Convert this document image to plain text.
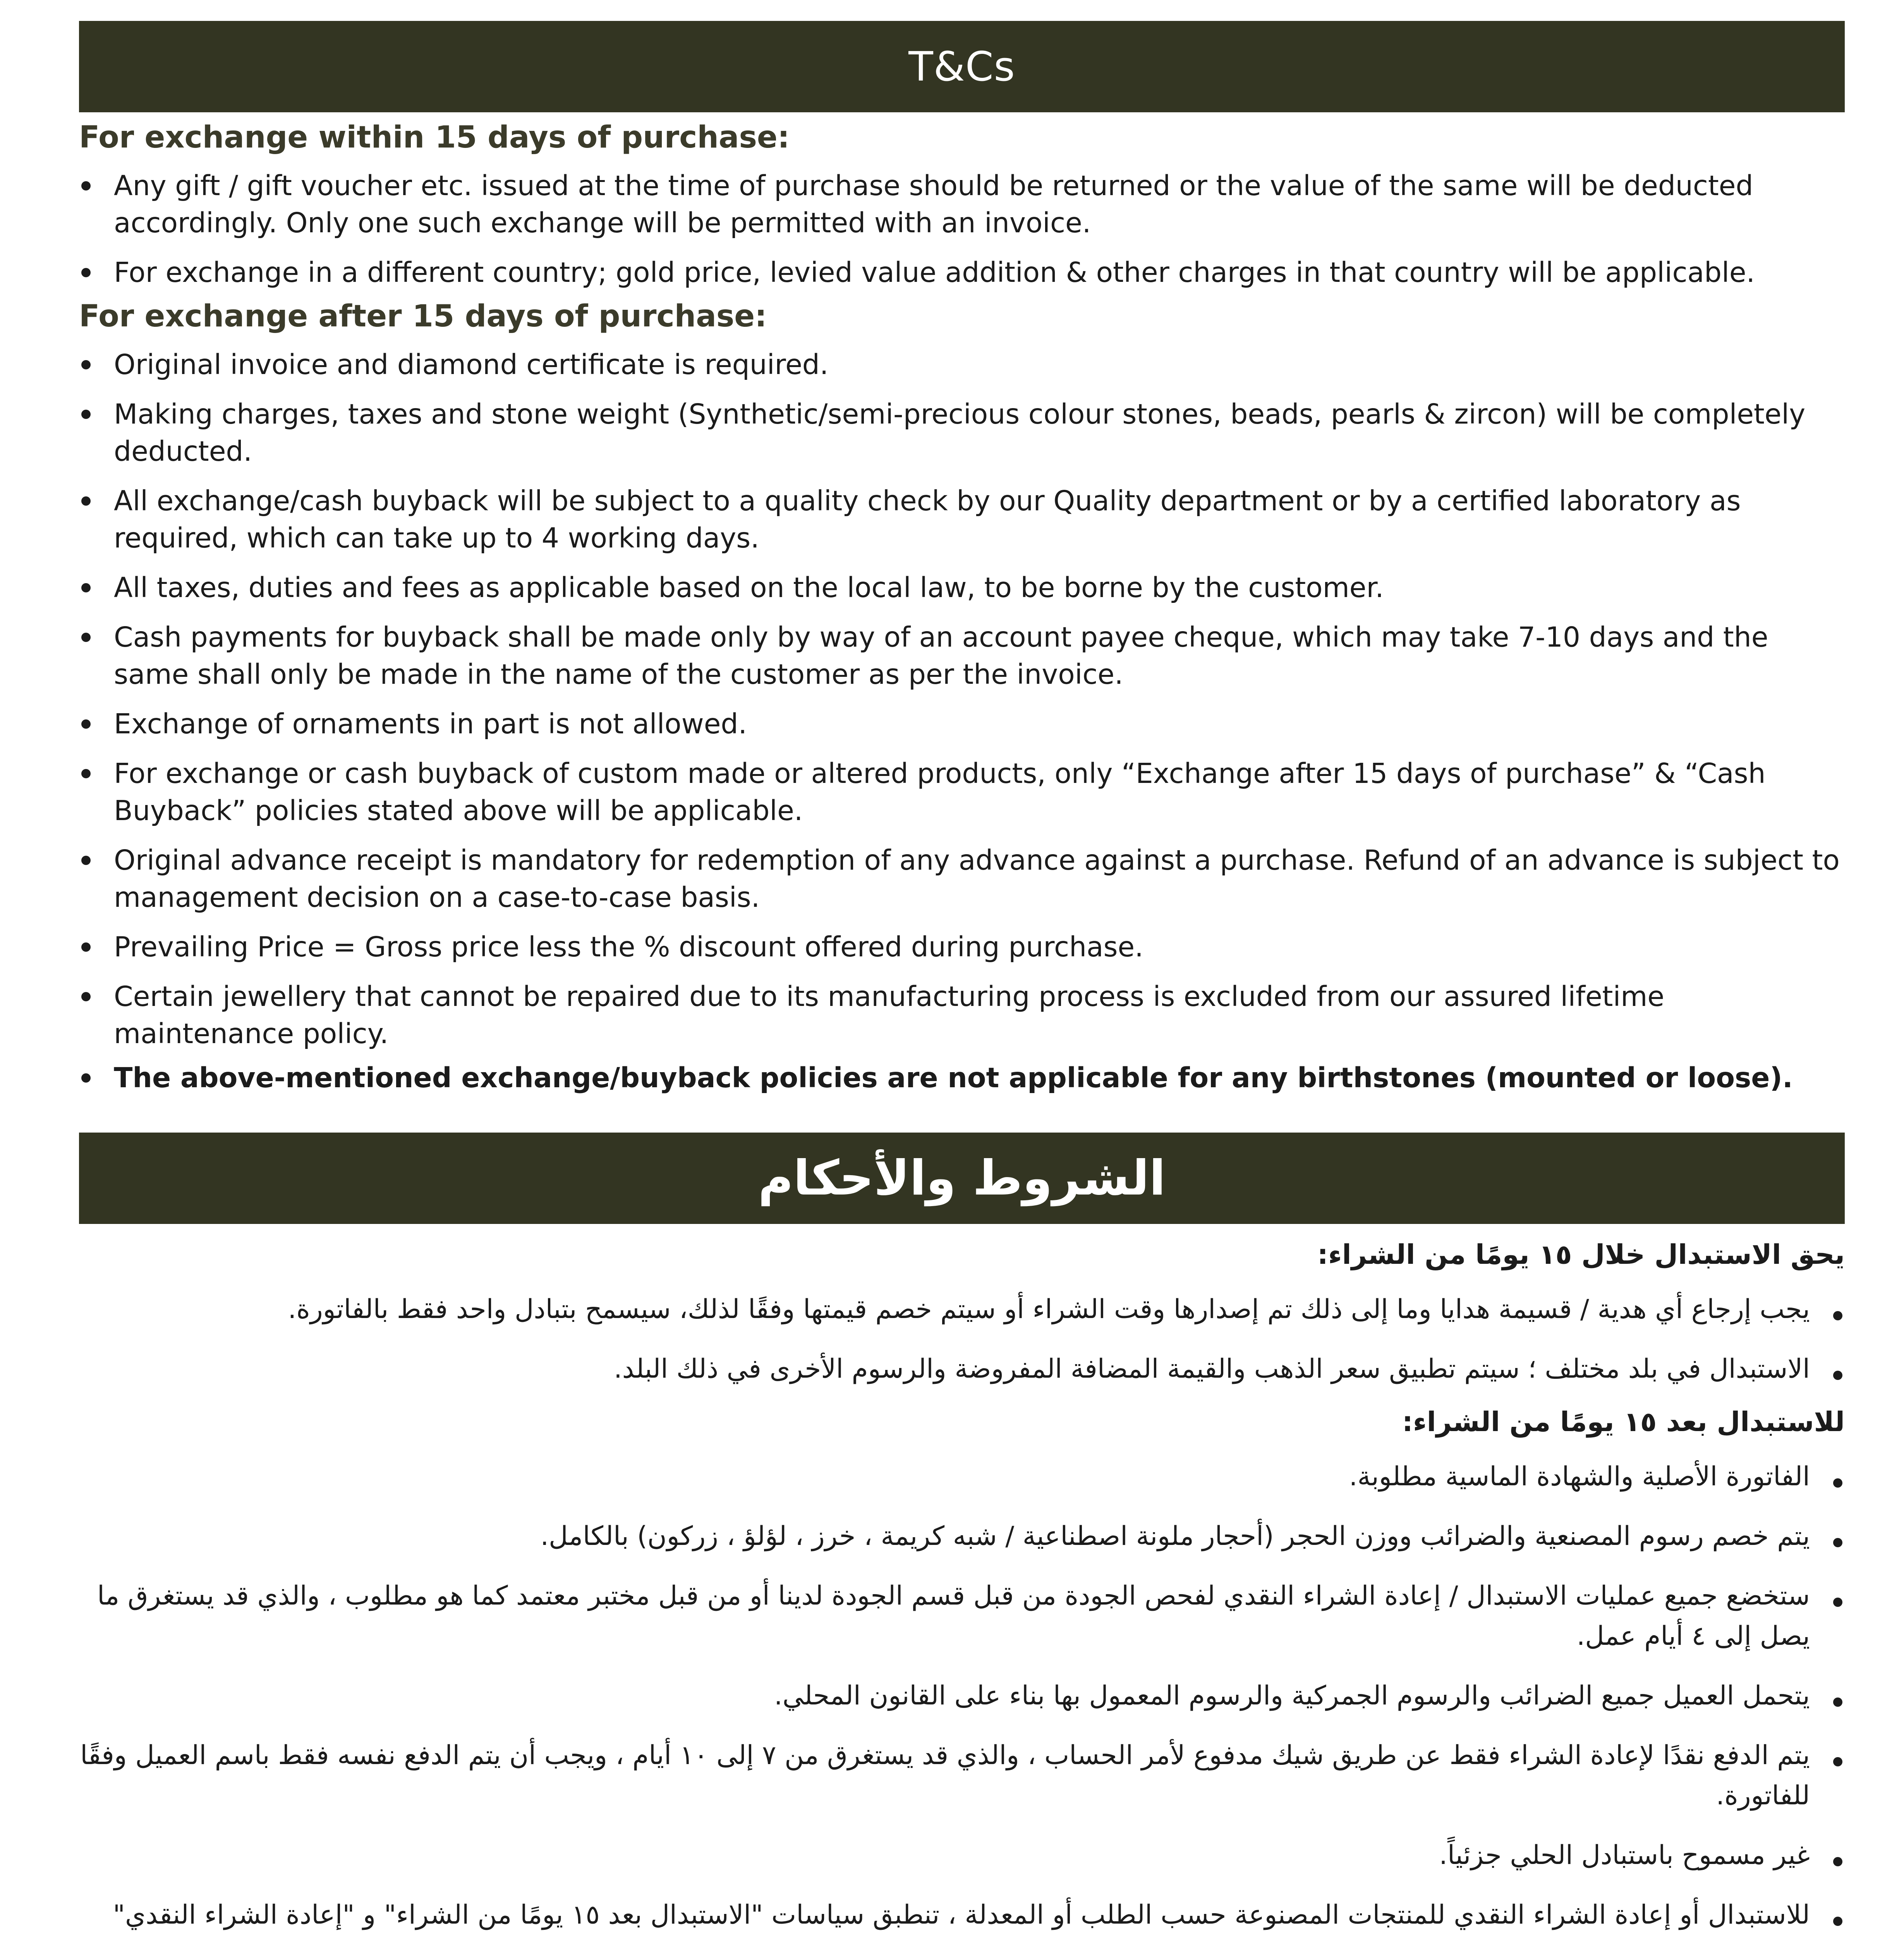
T&Cs
For exchange within 15 days of purchase:
Any gift / gift voucher etc. issued at the time of purchase should be returned or the value of the same will be deducted accordingly. Only one such exchange will be permitted with an invoice.
For exchange in a different country; gold price, levied value addition & other charges in that country will be applicable.
For exchange after 15 days of purchase:
Original invoice and diamond certificate is required.
Making charges, taxes and stone weight (Synthetic/semi-precious colour stones, beads, pearls & zircon) will be completely deducted.
All exchange/cash buyback will be subject to a quality check by our Quality department or by a certified laboratory as required, which can take up to 4 working days.
All taxes, duties and fees as applicable based on the local law, to be borne by the customer.
Cash payments for buyback shall be made only by way of an account payee cheque, which may take 7-10 days and the same shall only be made in the name of the customer as per the invoice.
Exchange of ornaments in part is not allowed.
For exchange or cash buyback of custom made or altered products, only “Exchange after 15 days of purchase” & “Cash Buyback” policies stated above will be applicable.
Original advance receipt is mandatory for redemption of any advance against a purchase. Refund of an advance is subject to management decision on a case-to-case basis.
Prevailing Price = Gross price less the % discount offered during purchase.
Certain jewellery that cannot be repaired due to its manufacturing process is excluded from our assured lifetime maintenance policy.
The above-mentioned exchange/buyback policies are not applicable for any birthstones (mounted or loose).
الشروط والأحكام
يحق الاستبدال خلال ١٥ يومًا من الشراء:
يجب إرجاع أي هدية / قسيمة هدايا وما إلى ذلك تم إصدارها وقت الشراء أو سيتم خصم قيمتها وفقًا لذلك، سيسمح بتبادل واحد فقط بالفاتورة.
الاستبدال في بلد مختلف ؛ سيتم تطبيق سعر الذهب والقيمة المضافة المفروضة والرسوم الأخرى في ذلك البلد.
للاستبدال بعد ١٥ يومًا من الشراء:
الفاتورة الأصلية والشهادة الماسية مطلوبة.
يتم خصم رسوم المصنعية والضرائب ووزن الحجر (أحجار ملونة اصطناعية / شبه كريمة ، خرز ، لؤلؤ ، زركون) بالكامل.
ستخضع جميع عمليات الاستبدال / إعادة الشراء النقدي لفحص الجودة من قبل قسم الجودة لدينا أو من قبل مختبر معتمد كما هو مطلوب ، والذي قد يستغرق ما يصل إلى ٤ أيام عمل.
يتحمل العميل جميع الضرائب والرسوم الجمركية والرسوم المعمول بها بناء على القانون المحلي.
يتم الدفع نقدًا لإعادة الشراء فقط عن طريق شيك مدفوع لأمر الحساب ، والذي قد يستغرق من ٧ إلى ١٠ أيام ، ويجب أن يتم الدفع نفسه فقط باسم العميل وفقًا للفاتورة.
غير مسموح باستبادل الحلي جزئياً.
للاستبدال أو إعادة الشراء النقدي للمنتجات المصنوعة حسب الطلب أو المعدلة ، تنطبق سياسات "الاستبدال بعد ١٥ يومًا من الشراء" و "إعادة الشراء النقدي"
